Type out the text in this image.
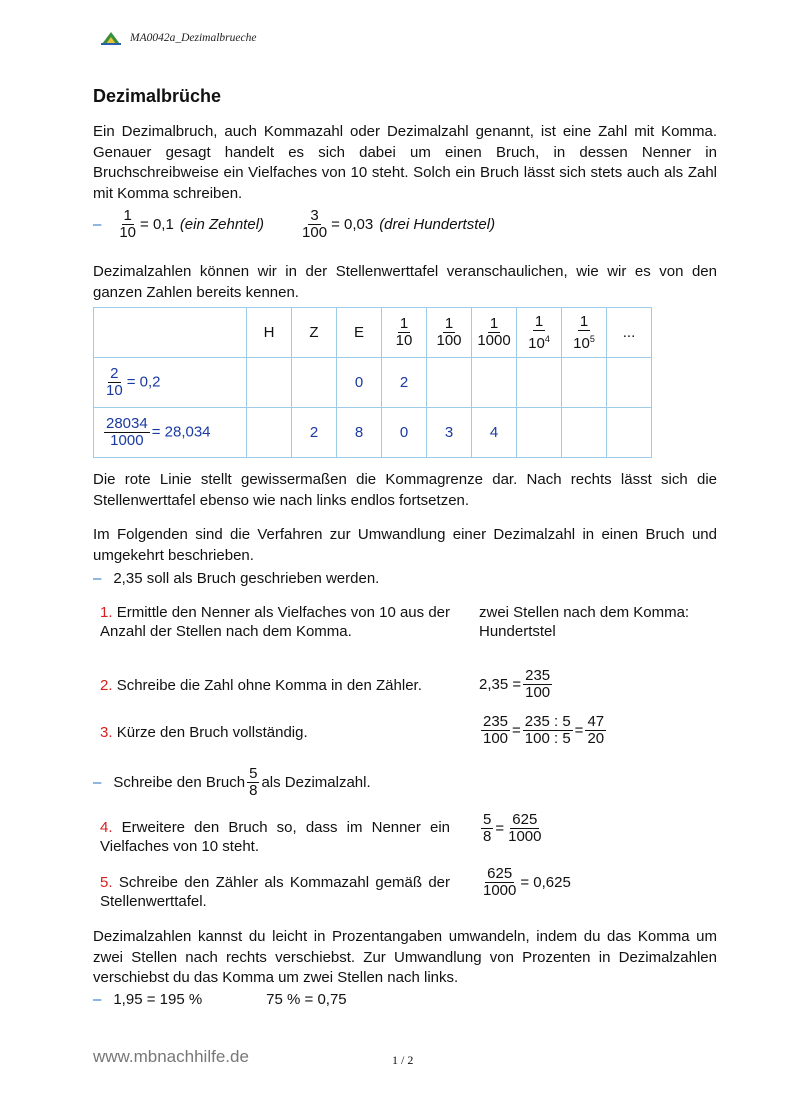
MA0042a_Dezimalbrueche
Dezimalbrüche
Ein Dezimalbruch, auch Kommazahl oder Dezimalzahl genannt, ist eine Zahl mit Komma. Genauer gesagt handelt es sich dabei um einen Bruch, in dessen Nenner in Bruchschreibweise ein Vielfaches von 10 steht. Solch ein Bruch lässt sich stets auch als Zahl mit Komma schreiben.
– $\frac{1}{10} = 0,1$ (ein Zehntel) $\frac{3}{100} = 0,03$ (drei Hundertstel)
Dezimalzahlen können wir in der Stellenwerttafel veranschaulichen, wie wir es von den ganzen Zahlen bereits kennen.
	H	Z	E	$\frac{1}{10}$	$\frac{1}{100}$	$\frac{1}{1000}$	$\frac{1}{10^4}$	$\frac{1}{10^5}$	...

$\frac{2}{10} = 0,2$			0	2					

$\frac{28034}{1000} = 28,034$		2	8	0	3	4			
Die rote Linie stellt gewissermaßen die Kommagrenze dar. Nach rechts lässt sich die Stellenwerttafel ebenso wie nach links endlos fortsetzen.
Im Folgenden sind die Verfahren zur Umwandlung einer Dezimalzahl in einen Bruch und umgekehrt beschrieben.
– 2,35 soll als Bruch geschrieben werden.
1. Ermittle den Nenner als Vielfaches von 10 aus der Anzahl der Stellen nach dem Komma.
zwei Stellen nach dem Komma: Hundertstel
2. Schreibe die Zahl ohne Komma in den Zähler.	$2,35 = \frac{235}{100}$
3. Kürze den Bruch vollständig.	$\frac{235}{100} = \frac{235 : 5}{100 : 5} = \frac{47}{20}$
– Schreibe den Bruch $\frac{5}{8}$ als Dezimalzahl.
4. Erweitere den Bruch so, dass im Nenner ein Vielfaches von 10 steht.
$\frac{5}{8} = \frac{625}{1000}$
5. Schreibe den Zähler als Kommazahl gemäß der Stellenwerttafel.
$\frac{625}{1000} = 0,625$
Dezimalzahlen kannst du leicht in Prozentangaben umwandeln, indem du das Komma um zwei Stellen nach rechts verschiebst. Zur Umwandlung von Prozenten in Dezimalzahlen verschiebst du das Komma um zwei Stellen nach links.
– 1,95 = 195 %	75 % = 0,75
www.mbnachhilfe.de	1 / 2
